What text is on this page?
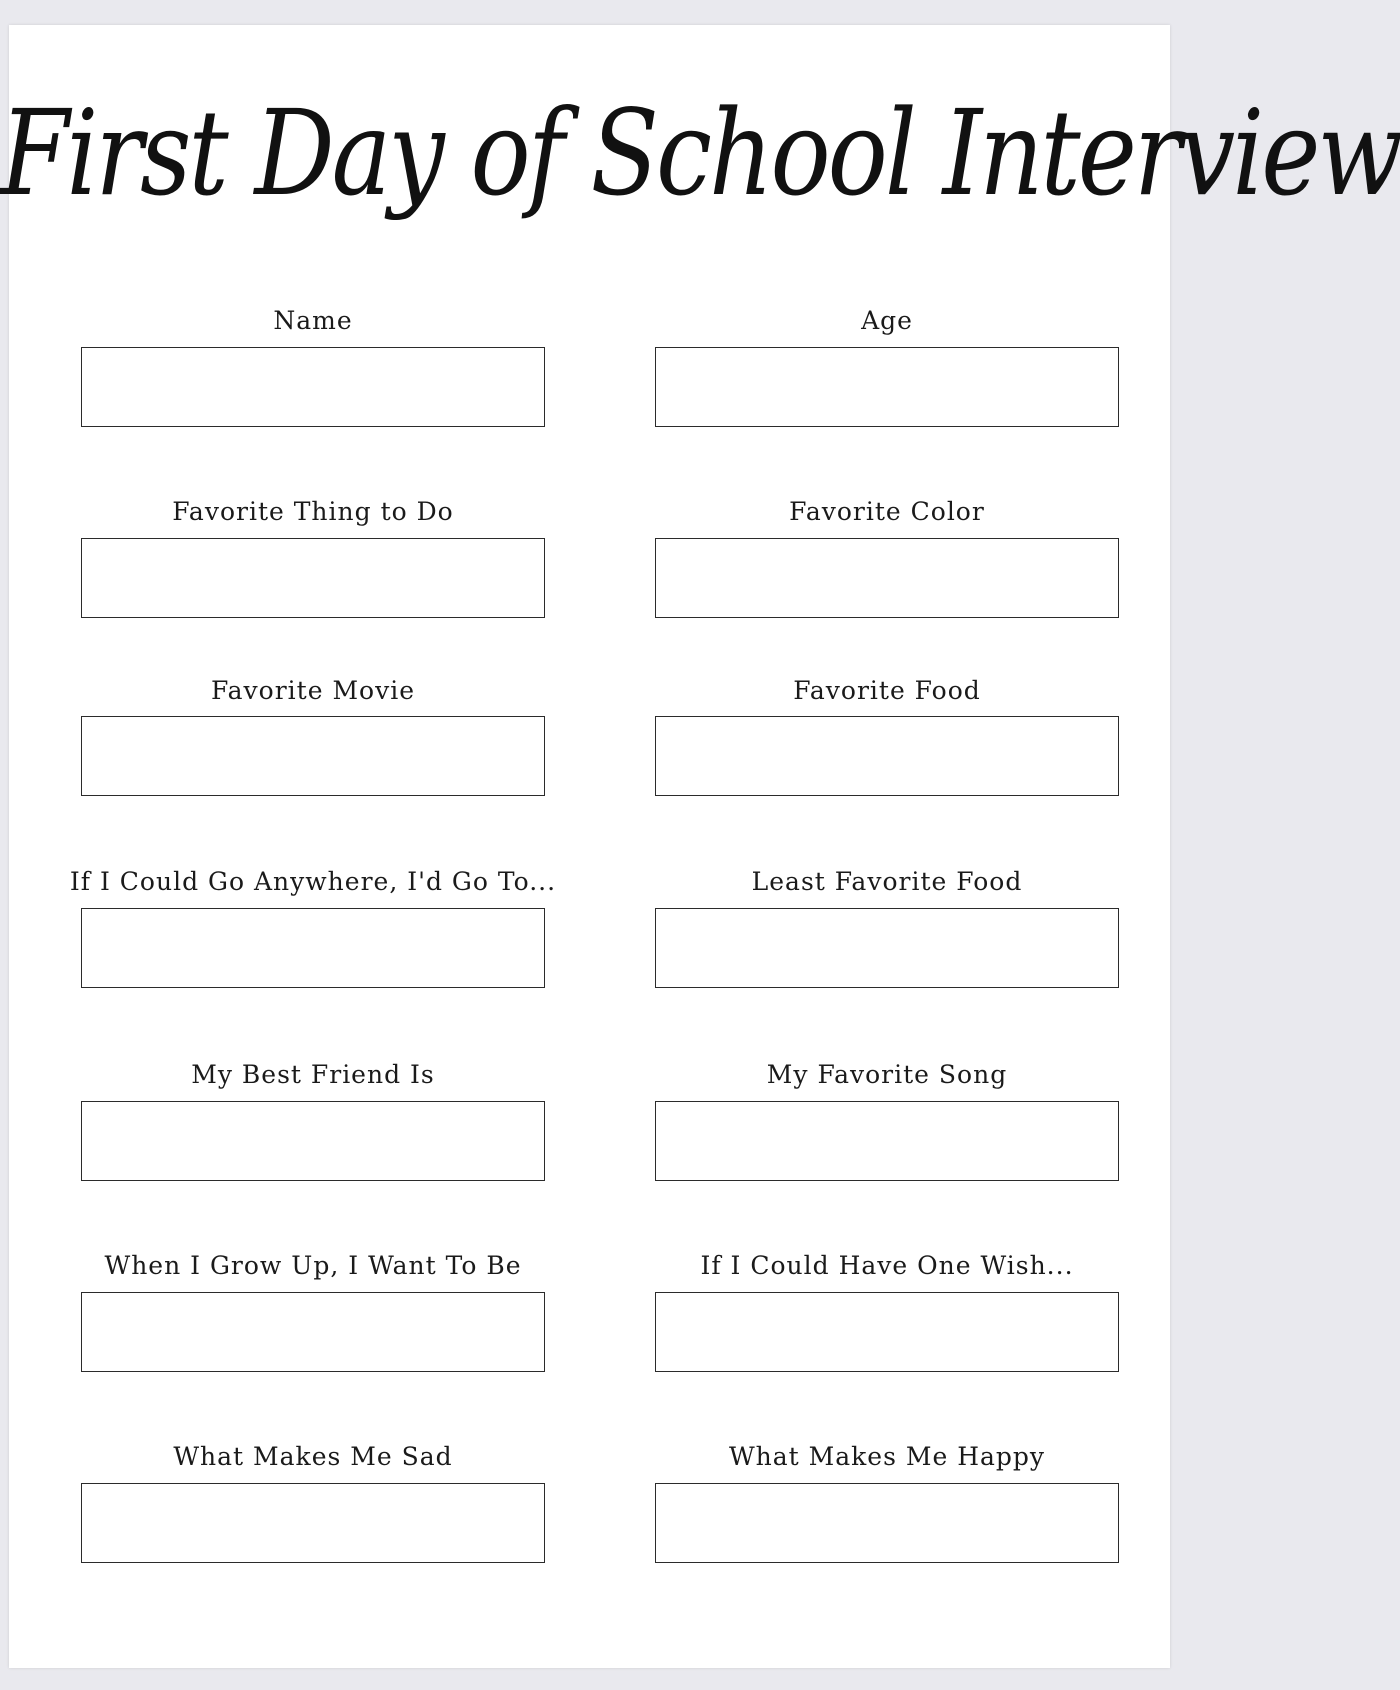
First Day of School Interview
Name	Age
Favorite Thing to Do	Favorite Color
Favorite Movie	Favorite Food
If I Could Go Anywhere, I'd Go To...	Least Favorite Food
My Best Friend Is	My Favorite Song
When I Grow Up, I Want To Be	If I Could Have One Wish...
What Makes Me Sad	What Makes Me Happy
